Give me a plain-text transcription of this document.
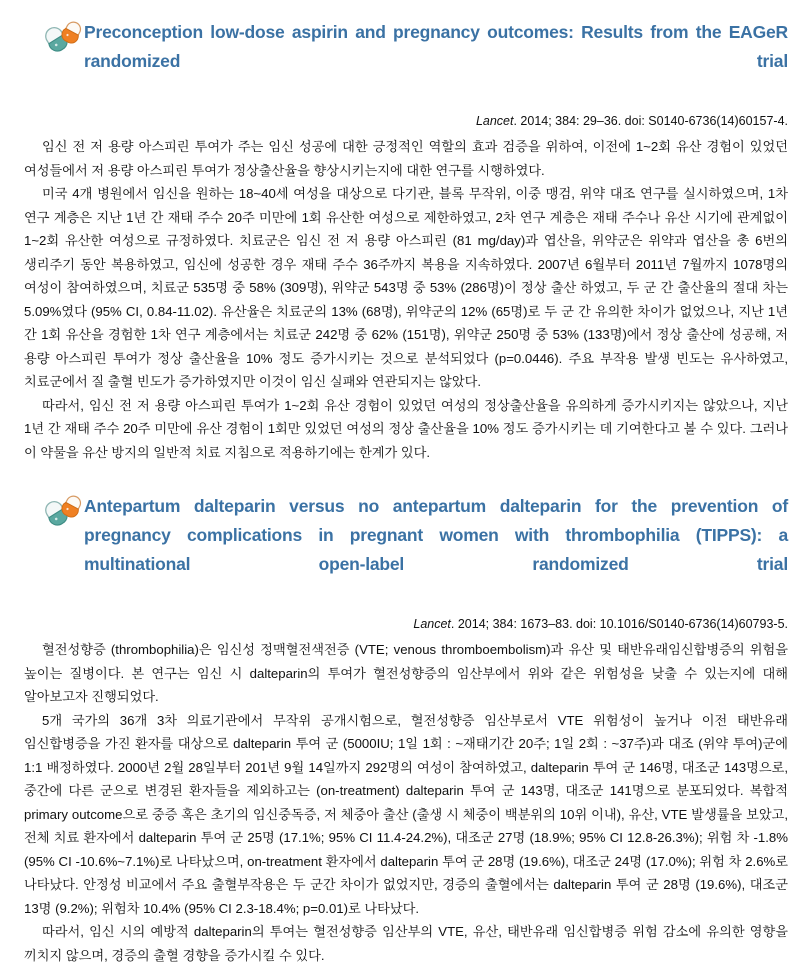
Preconception low-dose aspirin and pregnancy outcomes: Results from the EAGeR randomized trial
Lancet. 2014; 384: 29–36. doi: S0140-6736(14)60157-4.

임신 전 저 용량 아스피린 투여가 주는 임신 성공에 대한 긍정적인 역할의 효과 검증을 위하여, 이전에 1~2회 유산 경험이 있었던 여성들에서 저 용량 아스피린 투여가 정상출산율을 향상시키는지에 대한 연구를 시행하였다.

미국 4개 병원에서 임신을 원하는 18~40세 여성을 대상으로 다기관, 블록 무작위, 이중 맹검, 위약 대조 연구를 실시하였으며, 1차 연구 계층은 지난 1년 간 재태 주수 20주 미만에 1회 유산한 여성으로 제한하였고, 2차 연구 계층은 재태 주수나 유산 시기에 관계없이 1~2회 유산한 여성으로 규정하였다. 치료군은 임신 전 저 용량 아스피린 (81 mg/day)과 엽산을, 위약군은 위약과 엽산을 총 6번의 생리주기 동안 복용하였고, 임신에 성공한 경우 재태 주수 36주까지 복용을 지속하였다. 2007년 6월부터 2011년 7월까지 1078명의 여성이 참여하였으며, 치료군 535명 중 58% (309명), 위약군 543명 중 53% (286명)이 정상 출산 하였고, 두 군 간 출산율의 절대 차는 5.09%였다 (95% CI, 0.84-11.02). 유산율은 치료군의 13% (68명), 위약군의 12% (65명)로 두 군 간 유의한 차이가 없었으나, 지난 1년 간 1회 유산을 경험한 1차 연구 계층에서는 치료군 242명 중 62% (151명), 위약군 250명 중 53% (133명)에서 정상 출산에 성공해, 저 용량 아스피린 투여가 정상 출산율을 10% 정도 증가시키는 것으로 분석되었다 (p=0.0446). 주요 부작용 발생 빈도는 유사하였고, 치료군에서 질 출혈 빈도가 증가하였지만 이것이 임신 실패와 연관되지는 않았다.

따라서, 임신 전 저 용량 아스피린 투여가 1~2회 유산 경험이 있었던 여성의 정상출산율을 유의하게 증가시키지는 않았으나, 지난 1년 간 재태 주수 20주 미만에 유산 경험이 1회만 있었던 여성의 정상 출산율을 10% 정도 증가시키는 데 기여한다고 볼 수 있다. 그러나 이 약물을 유산 방지의 일반적 치료 지침으로 적용하기에는 한계가 있다.

Antepartum dalteparin versus no antepartum dalteparin for the prevention of pregnancy complications in pregnant women with thrombophilia (TIPPS): a multinational open-label randomized trial
Lancet. 2014; 384: 1673–83. doi: 10.1016/S0140-6736(14)60793-5.

혈전성향증 (thrombophilia)은 임신성 정맥혈전색전증 (VTE; venous thromboembolism)과 유산 및 태반유래임신합병증의 위험을 높이는 질병이다. 본 연구는 임신 시 dalteparin의 투여가 혈전성향증의 임산부에서 위와 같은 위험성을 낮출 수 있는지에 대해 알아보고자 진행되었다.

5개 국가의 36개 3차 의료기관에서 무작위 공개시험으로, 혈전성향증 임산부로서 VTE 위험성이 높거나 이전 태반유래 임신합병증을 가진 환자를 대상으로 dalteparin 투여 군 (5000IU; 1일 1회 : ~재태기간 20주; 1일 2회 : ~37주)과 대조 (위약 투여)군에 1:1 배정하였다. 2000년 2월 28일부터 201년 9월 14일까지 292명의 여성이 참여하였고, dalteparin 투여 군 146명, 대조군 143명으로, 중간에 다른 군으로 변경된 환자들을 제외하고는 (on-treatment) dalteparin 투여 군 143명, 대조군 141명으로 분포되었다. 복합적 primary outcome으로 중증 혹은 초기의 임신중독증, 저 체중아 출산 (출생 시 체중이 백분위의 10위 이내), 유산, VTE 발생률을 보았고, 전체 치료 환자에서 dalteparin 투여 군 25명 (17.1%; 95% CI 11.4-24.2%), 대조군 27명 (18.9%; 95% CI 12.8-26.3%); 위험 차 -1.8% (95% CI -10.6%~7.1%)로 나타났으며, on-treatment 환자에서 dalteparin 투여 군 28명 (19.6%), 대조군 24명 (17.0%); 위험 차 2.6%로 나타났다. 안정성 비교에서 주요 출혈부작용은 두 군간 차이가 없었지만, 경증의 출혈에서는 dalteparin 투여 군 28명 (19.6%), 대조군 13명 (9.2%); 위험차 10.4% (95% CI 2.3-18.4%; p=0.01)로 나타났다.

따라서, 임신 시의 예방적 dalteparin의 투여는 혈전성향증 임산부의 VTE, 유산, 태반유래 임신합병증 위험 감소에 유의한 영향을 끼치지 않으며, 경증의 출혈 경향을 증가시킬 수 있다.
